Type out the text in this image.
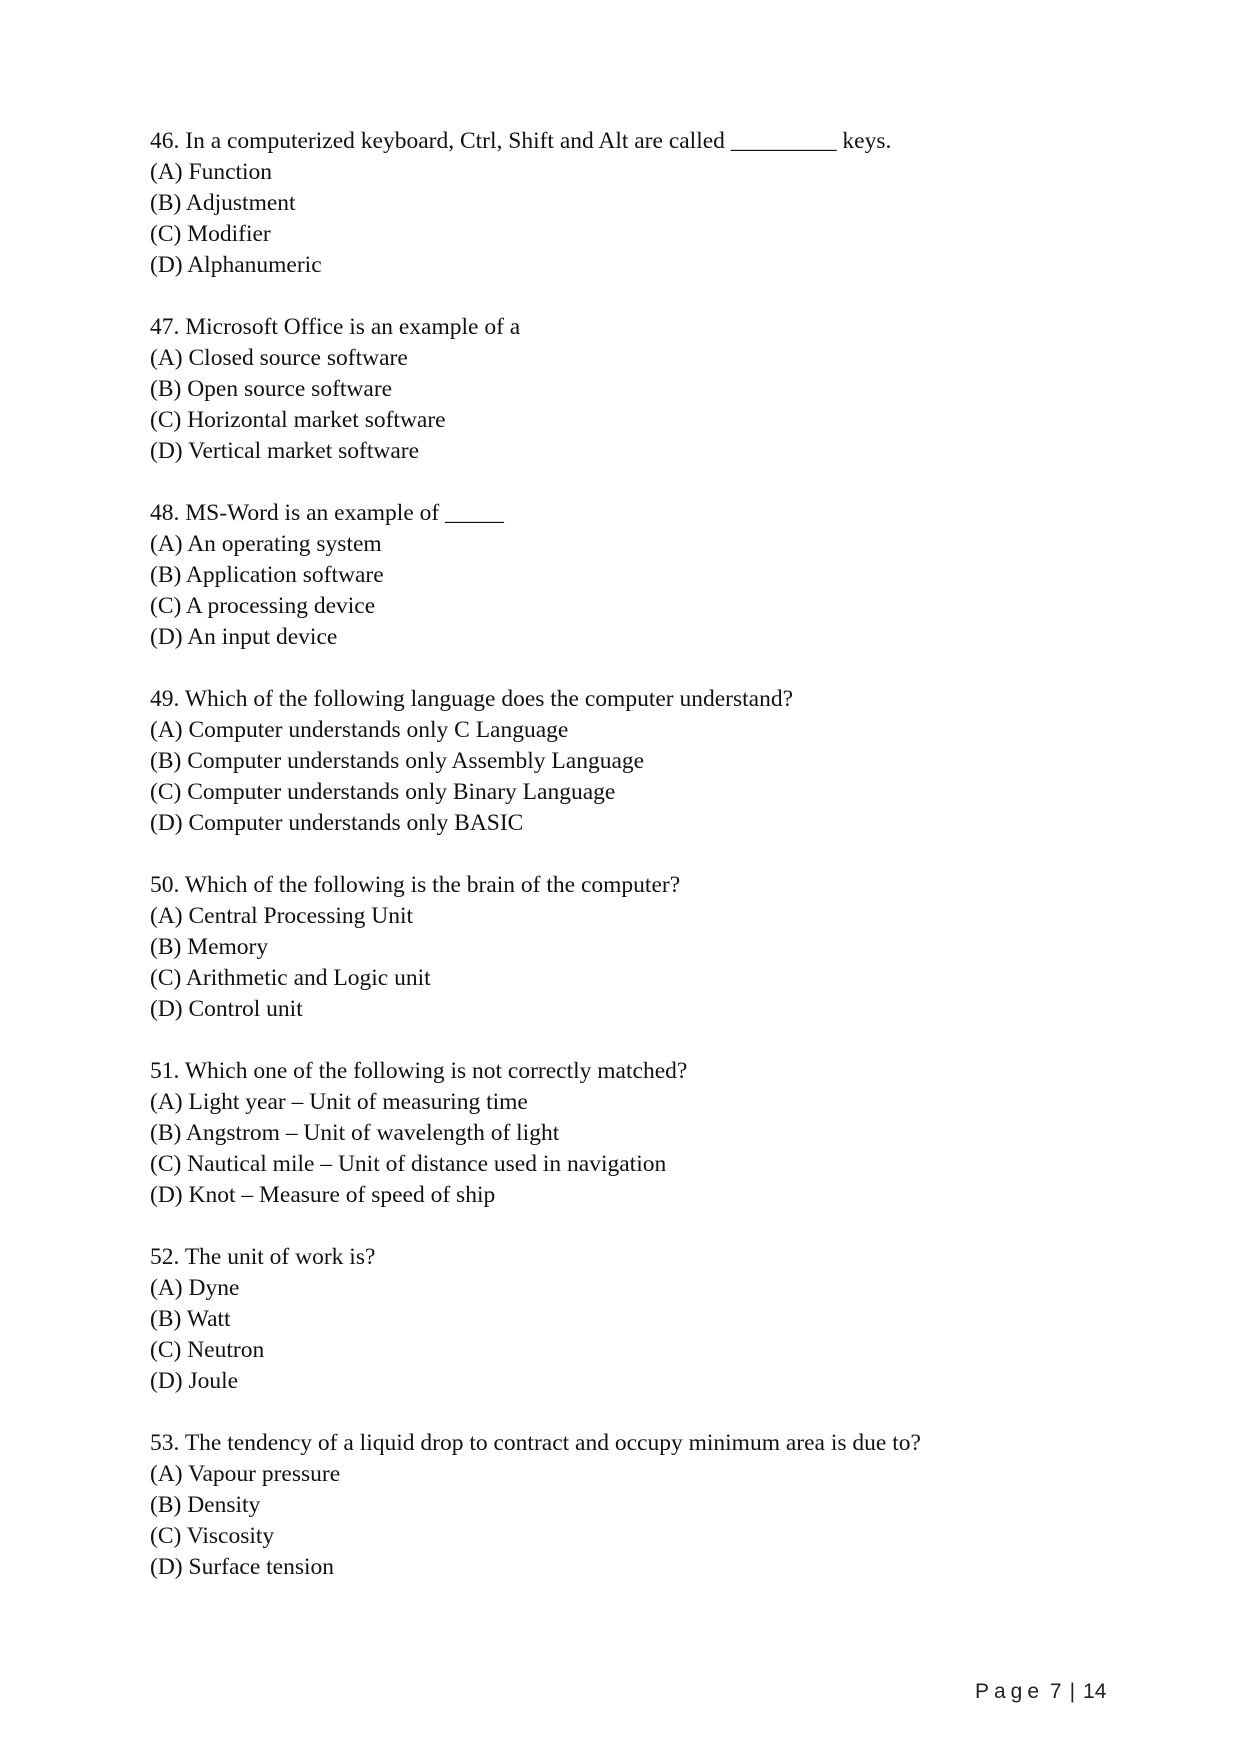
46. In a computerized keyboard, Ctrl, Shift and Alt are called _________ keys.
(A) Function
(B) Adjustment
(C) Modifier
(D) Alphanumeric
47. Microsoft Office is an example of a
(A) Closed source software
(B) Open source software
(C) Horizontal market software
(D) Vertical market software
48. MS-Word is an example of _____
(A) An operating system
(B) Application software
(C) A processing device
(D) An input device
49. Which of the following language does the computer understand?
(A) Computer understands only C Language
(B) Computer understands only Assembly Language
(C) Computer understands only Binary Language
(D) Computer understands only BASIC
50. Which of the following is the brain of the computer?
(A) Central Processing Unit
(B) Memory
(C) Arithmetic and Logic unit
(D) Control unit
51. Which one of the following is not correctly matched?
(A) Light year – Unit of measuring time
(B) Angstrom – Unit of wavelength of light
(C) Nautical mile – Unit of distance used in navigation
(D) Knot – Measure of speed of ship
52. The unit of work is?
(A) Dyne
(B) Watt
(C) Neutron
(D) Joule
53. The tendency of a liquid drop to contract and occupy minimum area is due to?
(A) Vapour pressure
(B) Density
(C) Viscosity
(D) Surface tension
Page 7 | 14
